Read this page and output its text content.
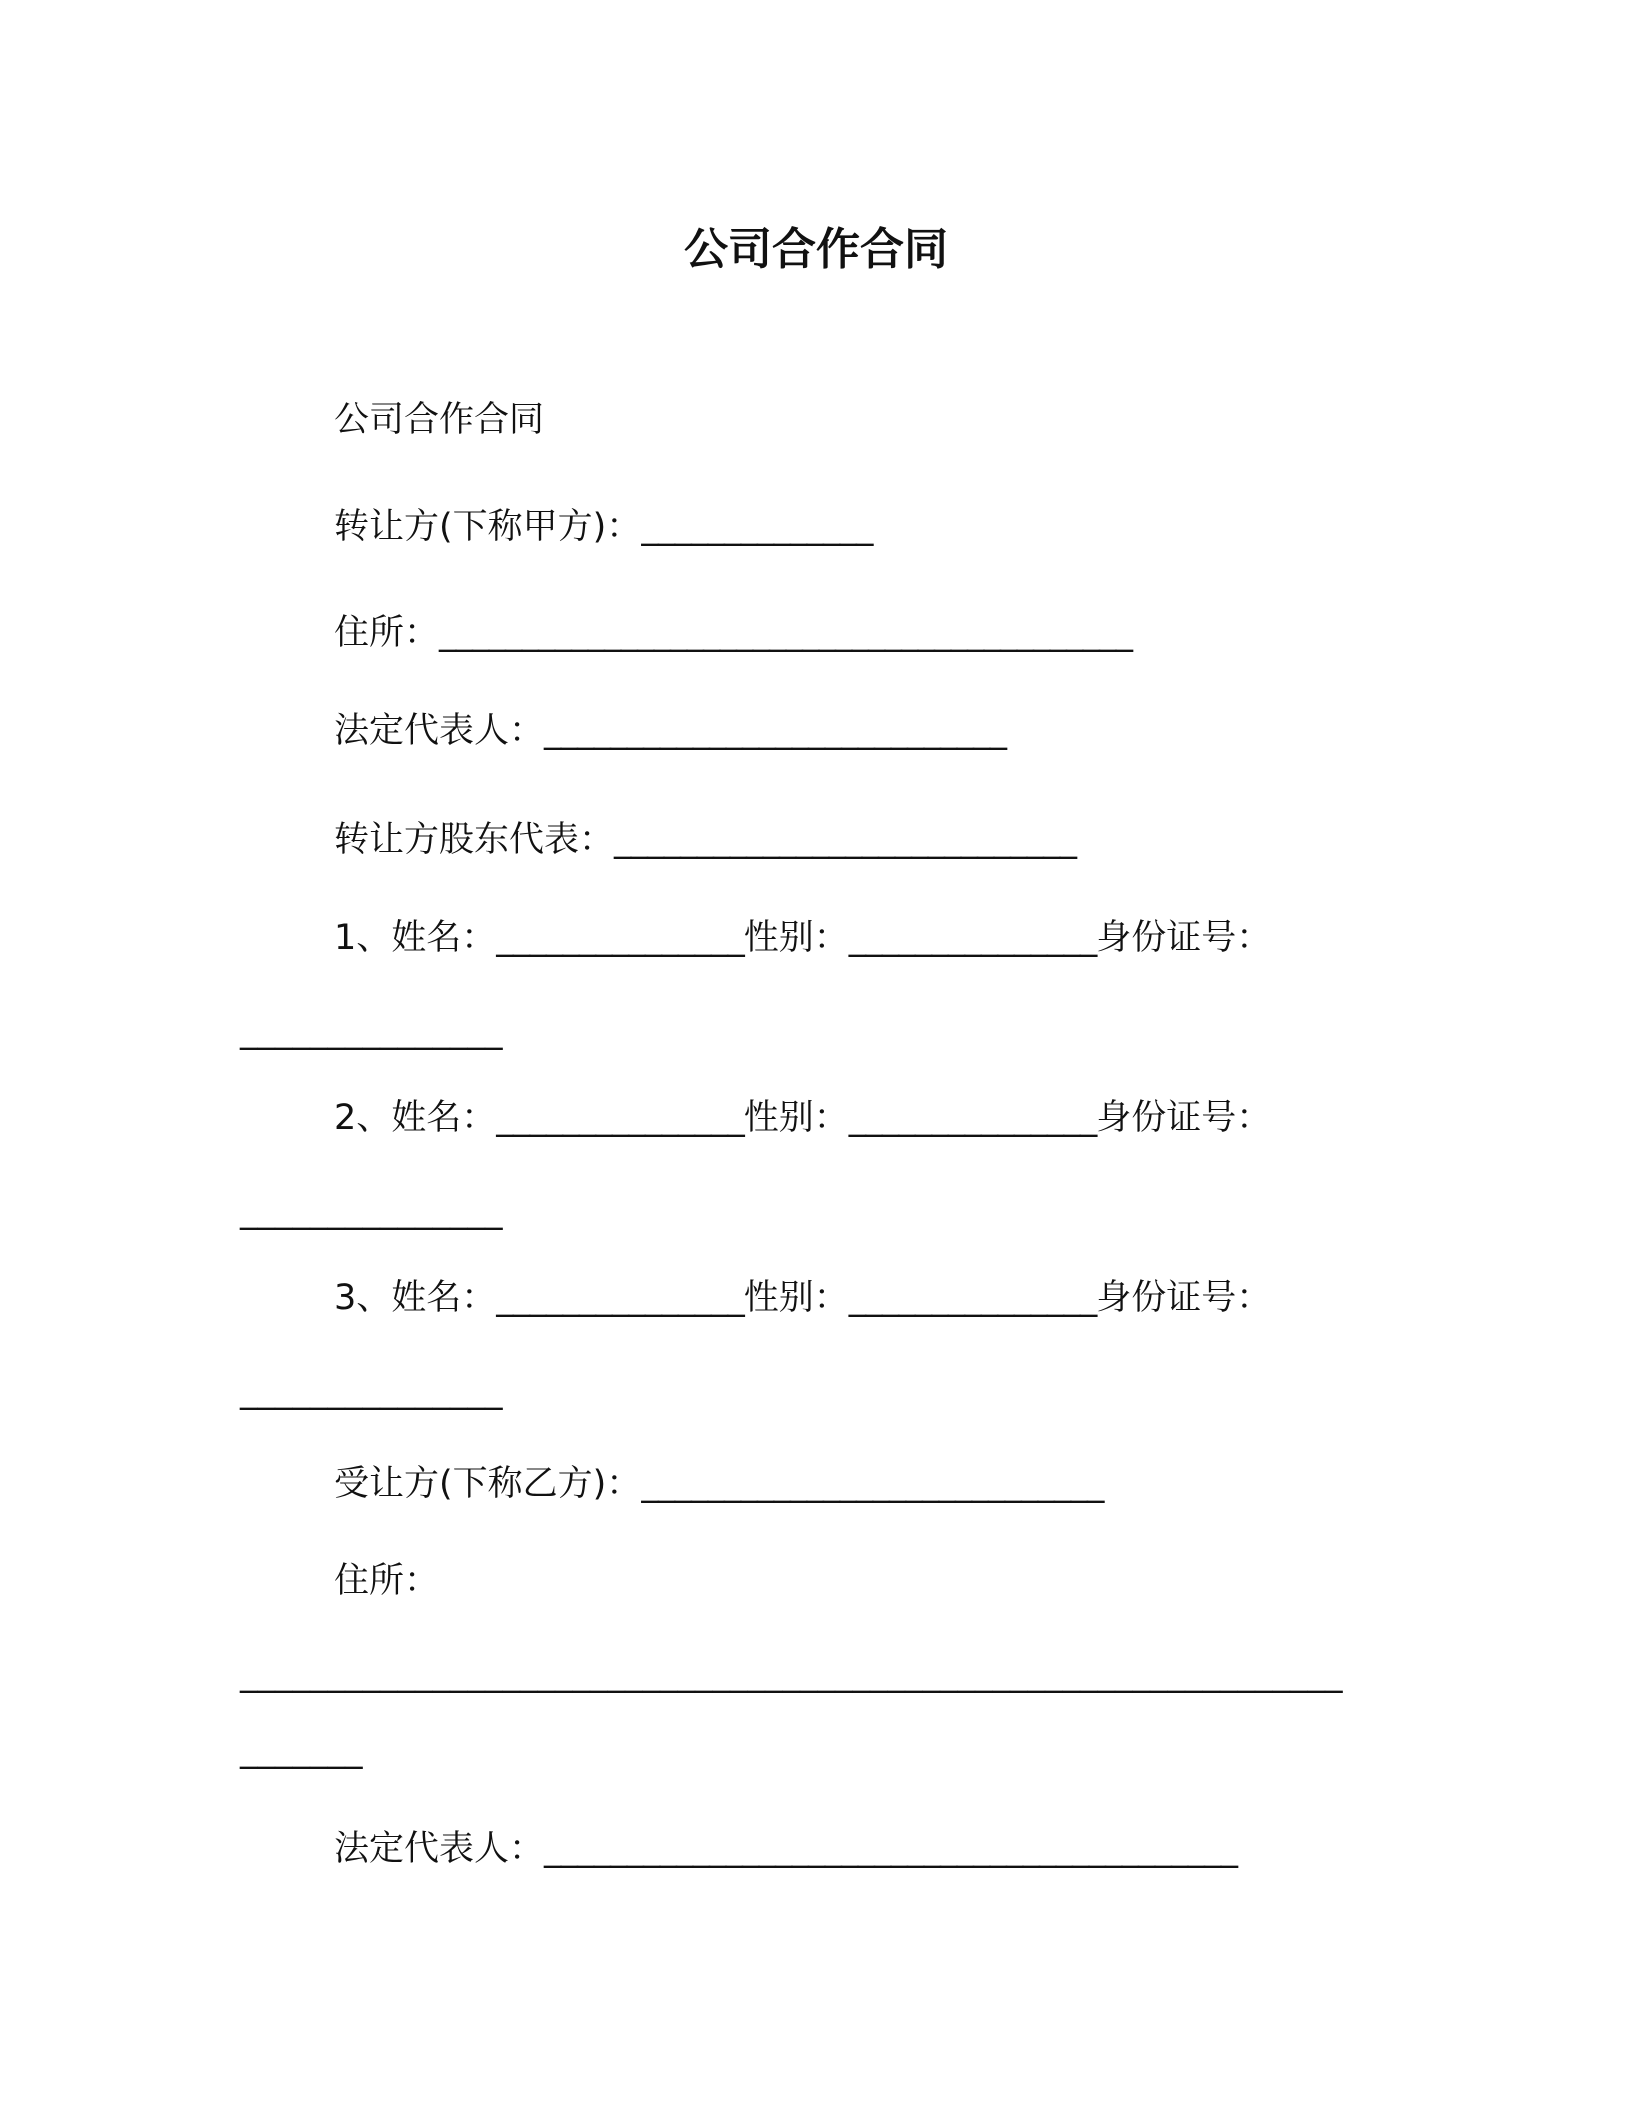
公司合作合同
公司合作合同
转让方(下称甲方)：______________
住所：__________________________________________
法定代表人：____________________________
转让方股东代表：____________________________
1、姓名：_______________性别：_______________身份证号：
_______________
2、姓名：_______________性别：_______________身份证号：
_______________
3、姓名：_______________性别：_______________身份证号：
_______________
受让方(下称乙方)：____________________________
住所：
_______________________________________________________________
_______
法定代表人：__________________________________________
